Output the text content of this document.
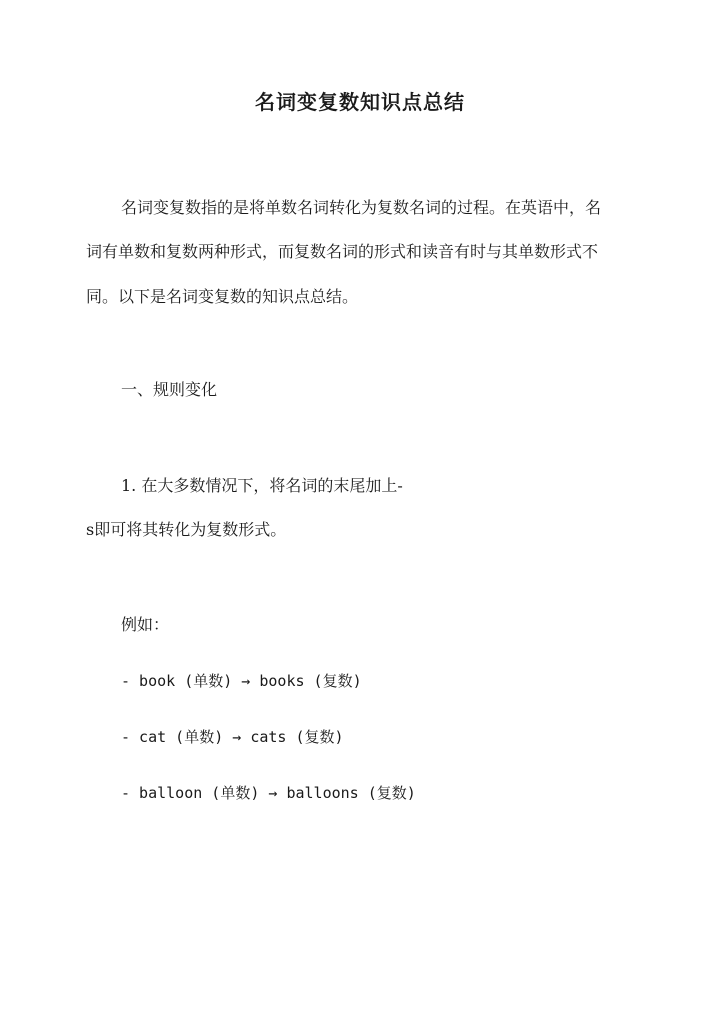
名词变复数知识点总结
名词变复数指的是将单数名词转化为复数名词的过程。在英语中，名
词有单数和复数两种形式，而复数名词的形式和读音有时与其单数形式不
同。以下是名词变复数的知识点总结。
一、规则变化
1. 在大多数情况下，将名词的末尾加上-
s即可将其转化为复数形式。
例如：
- book (单数) → books (复数)
- cat (单数) → cats (复数)
- balloon (单数) → balloons (复数)
